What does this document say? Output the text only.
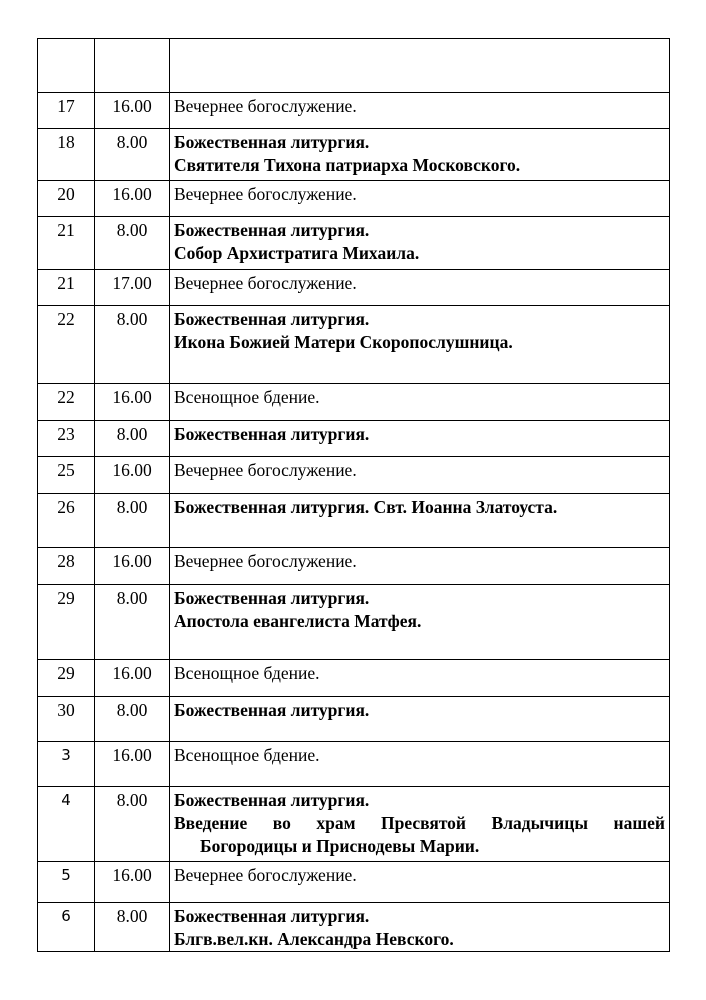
17	16.00	Вечернее богослужение.

18	8.00	Божественная литургия.
Святителя Тихона патриарха Московского.

20	16.00	Вечернее богослужение.

21	8.00	Божественная литургия.
Собор Архистратига Михаила.

21	17.00	Вечернее богослужение.

22	8.00	Божественная литургия.
Икона Божией Матери Скоропослушница.

22	16.00	Всенощное бдение.

23	8.00	Божественная литургия.

25	16.00	Вечернее богослужение.

26	8.00	Божественная литургия. Свт. Иоанна Златоуста.

28	16.00	Вечернее богослужение.

29	8.00	Божественная литургия.
Апостола евангелиста Матфея.

29	16.00	Всенощное бдение.

30	8.00	Божественная литургия.

3	16.00	Всенощное бдение.

4	8.00	Божественная литургия.
Введение во храм Пресвятой Владычицы нашей
Богородицы и Приснодевы Марии.

5	16.00	Вечернее богослужение.

6	8.00	Божественная литургия.
Блгв.вел.кн. Александра Невского.
